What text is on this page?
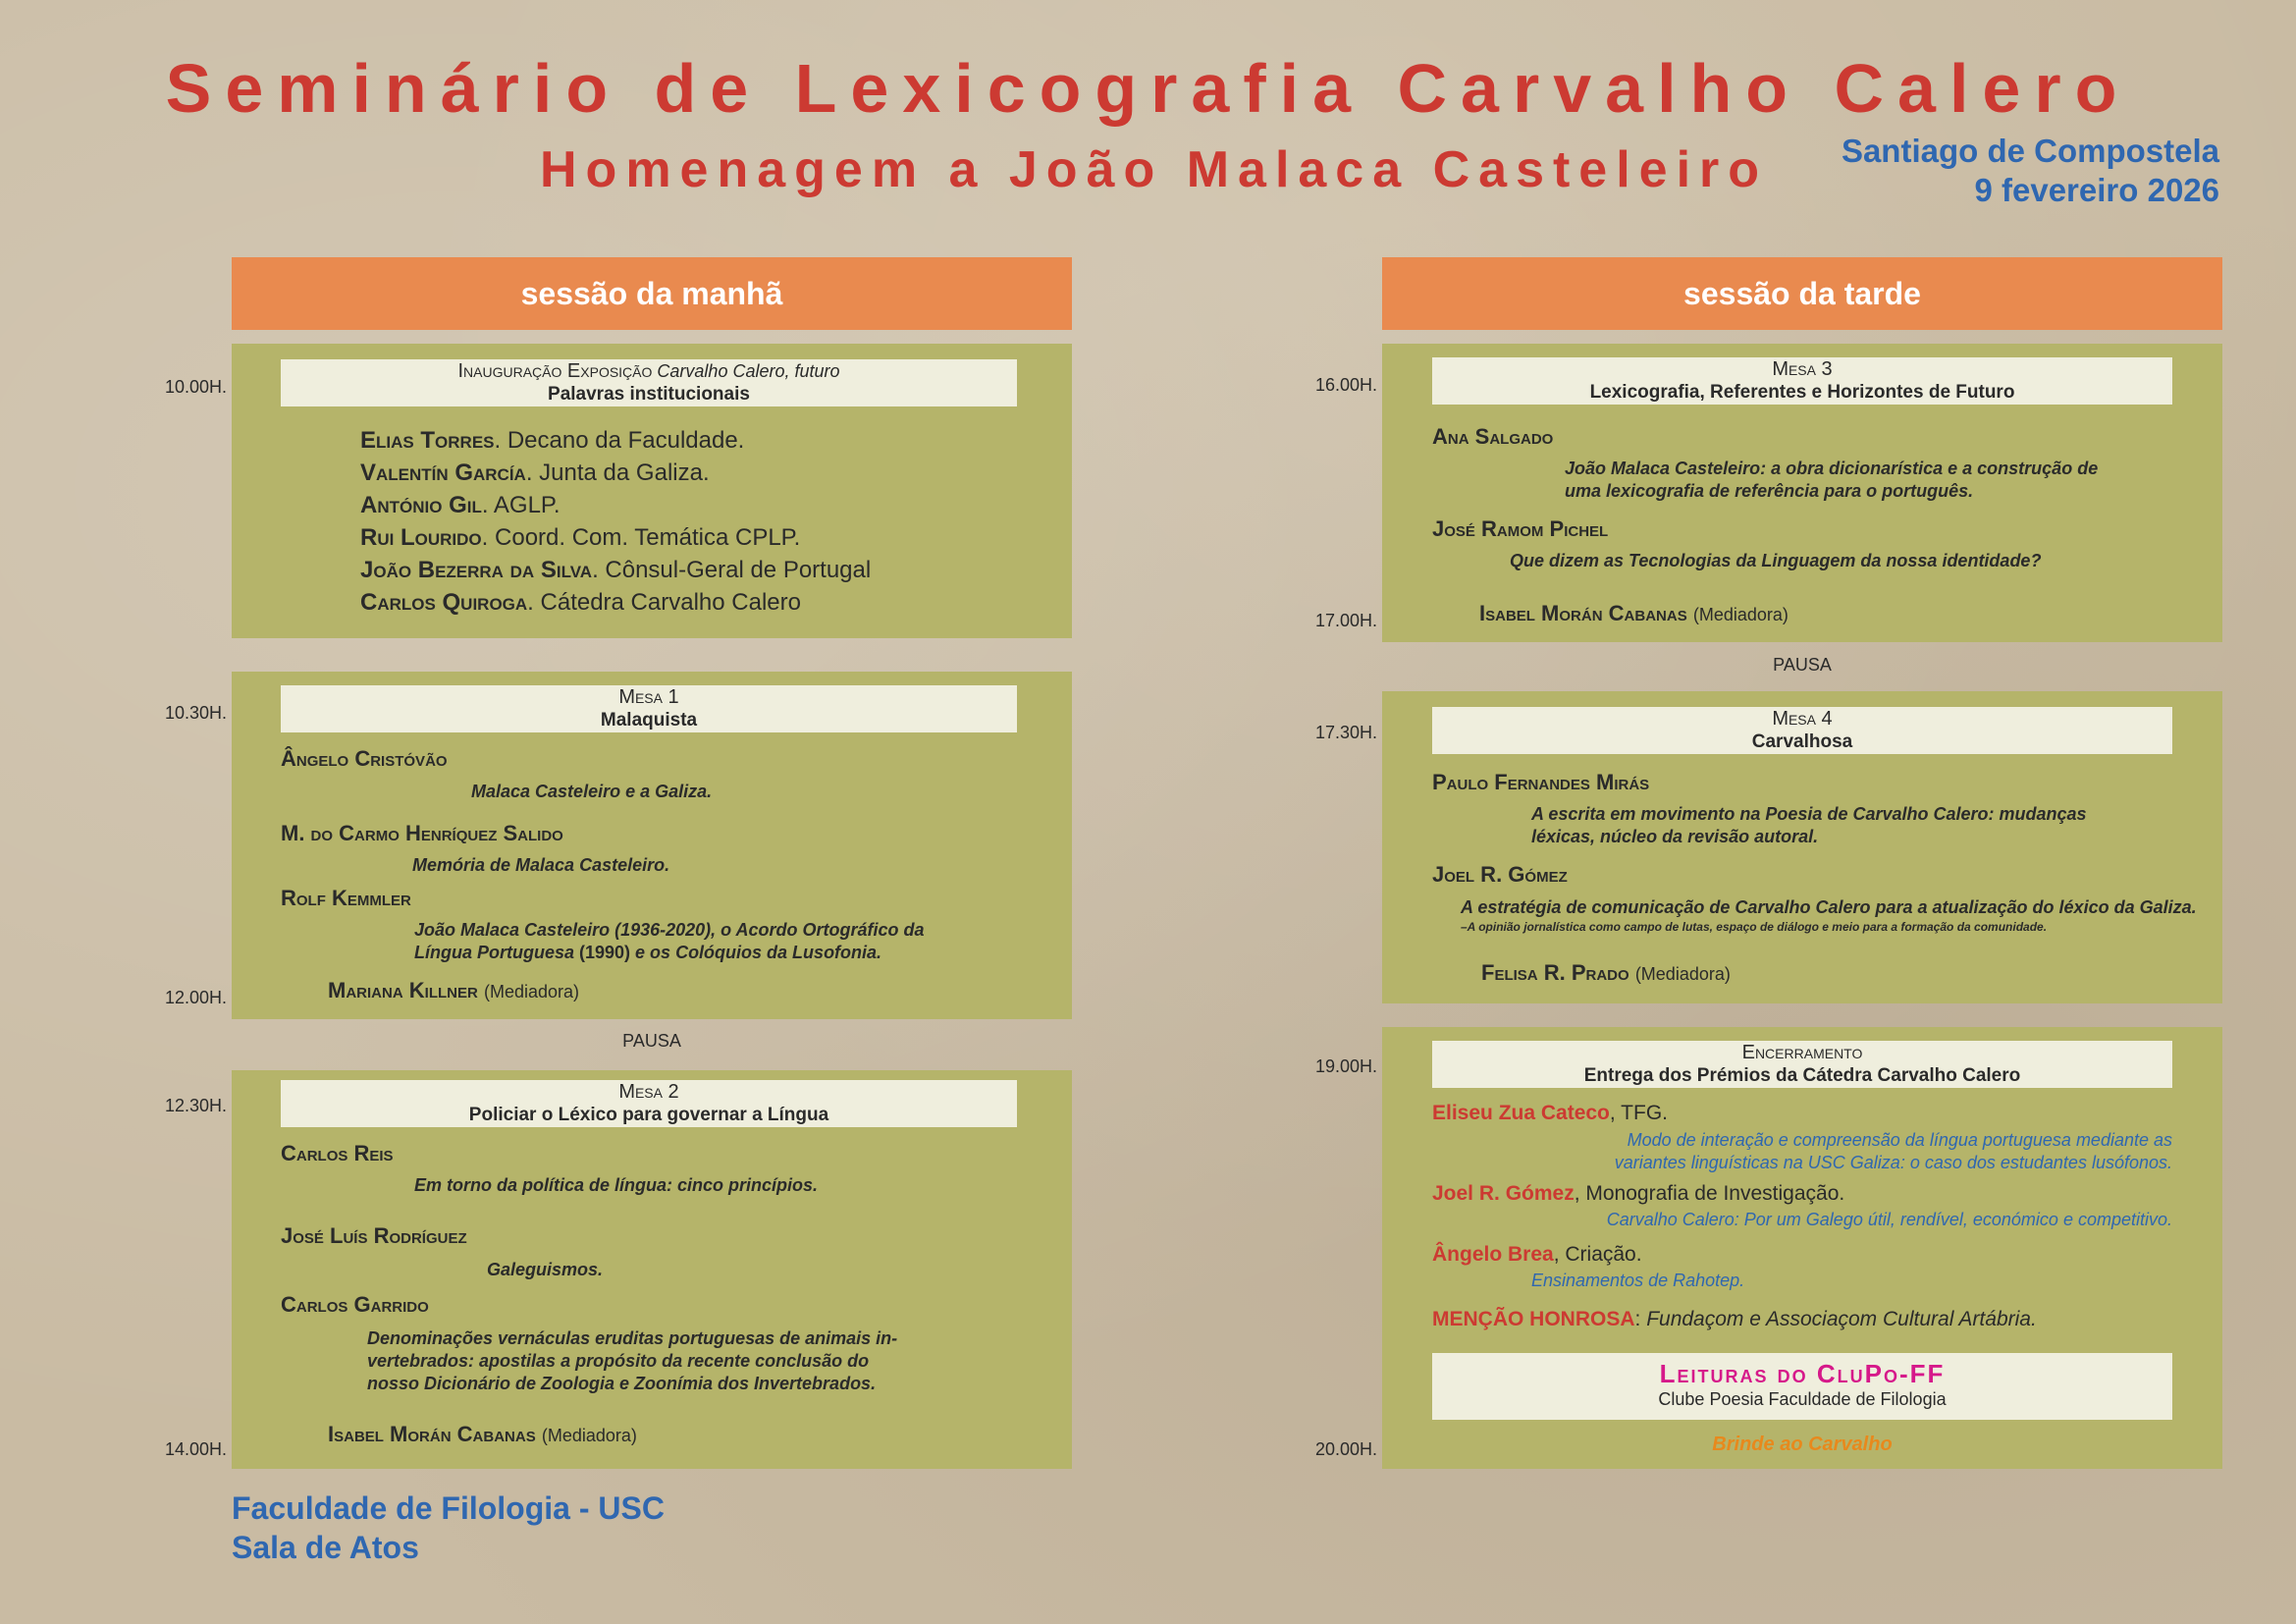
Seminário de Lexicografia Carvalho Calero
Homenagem a João Malaca Casteleiro Santiago de Compostela
9 fevereiro 2026
sessão da manhã
10.00H.
Inauguração Exposição Carvalho Calero, futuro
Palavras institucionais
Elias Torres. Decano da Faculdade.
Valentín García. Junta da Galiza.
António Gil. AGLP.
Rui Lourido. Coord. Com. Temática CPLP.
João Bezerra da Silva. Cônsul-Geral de Portugal
Carlos Quiroga. Cátedra Carvalho Calero
10.30H.
12.00H.
Mesa 1
Malaquista
Ângelo Cristóvão
Malaca Casteleiro e a Galiza.
M. do Carmo Henríquez Salido
Memória de Malaca Casteleiro.
Rolf Kemmler
João Malaca Casteleiro (1936-2020), o Acordo Ortográfico da
Língua Portuguesa (1990) e os Colóquios da Lusofonia.
Mariana Killner (Mediadora)
PAUSA
12.30H.
14.00H.
Mesa 2
Policiar o Léxico para governar a Língua
Carlos Reis
Em torno da política de língua: cinco princípios.
José Luís Rodríguez
Galeguismos.
Carlos Garrido
Denominações vernáculas eruditas portuguesas de animais in-
vertebrados: apostilas a propósito da recente conclusão do
nosso Dicionário de Zoologia e Zoonímia dos Invertebrados.
Isabel Morán Cabanas (Mediadora)
sessão da tarde
16.00H.
17.00H.
Mesa 3
Lexicografia, Referentes e Horizontes de Futuro
Ana Salgado
João Malaca Casteleiro: a obra dicionarística e a construção de
uma lexicografia de referência para o português.
José Ramom Pichel
Que dizem as Tecnologias da Linguagem da nossa identidade?
Isabel Morán Cabanas (Mediadora)
PAUSA
17.30H.
Mesa 4
Carvalhosa
Paulo Fernandes Mirás
A escrita em movimento na Poesia de Carvalho Calero: mudanças
léxicas, núcleo da revisão autoral.
Joel R. Gómez
A estratégia de comunicação de Carvalho Calero para a atualização do léxico da Galiza.
–A opinião jornalística como campo de lutas, espaço de diálogo e meio para a formação da comunidade.
Felisa R. Prado (Mediadora)
19.00H.
20.00H.
Encerramento
Entrega dos Prémios da Cátedra Carvalho Calero
Eliseu Zua Cateco, TFG.
Modo de interação e compreensão da língua portuguesa mediante as
variantes linguísticas na USC Galiza: o caso dos estudantes lusófonos.
Joel R. Gómez, Monografia de Investigação.
Carvalho Calero: Por um Galego útil, rendível, económico e competitivo.
Ângelo Brea, Criação.
Ensinamentos de Rahotep.
MENÇÃO HONROSA: Fundaçom e Associaçom Cultural Artábria.
Leituras do CluPo-FF
Clube Poesia Faculdade de Filologia
Brinde ao Carvalho
Faculdade de Filologia - USC
Sala de Atos
